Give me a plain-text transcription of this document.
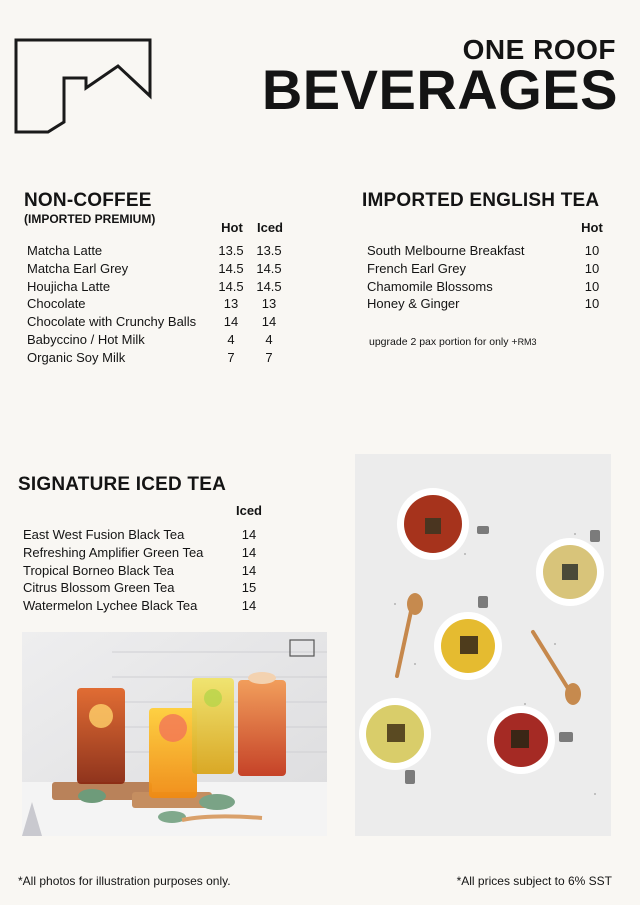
ONE ROOF
BEVERAGES
NON-COFFEE
(IMPORTED PREMIUM)
Hot	Iced
Matcha Latte	13.5 13.5
Matcha Earl Grey	14.5 14.5
Houjicha Latte	14.5 14.5
Chocolate	13	13
Chocolate with Crunchy Balls	14	14
Babyccino / Hot Milk	4	4
Organic Soy Milk	7	7
IMPORTED ENGLISH TEA
Hot
South Melbourne Breakfast	10
French Earl Grey	10
Chamomile Blossoms	10
Honey & Ginger	10
upgrade 2 pax portion for only +RM3
SIGNATURE ICED TEA
Iced
East West Fusion Black Tea	14
Refreshing Amplifier Green Tea	14
Tropical Borneo Black Tea	14
Citrus Blossom Green Tea	15
Watermelon Lychee Black Tea	14
*All photos for illustration purposes only.	*All prices subject to 6% SST
